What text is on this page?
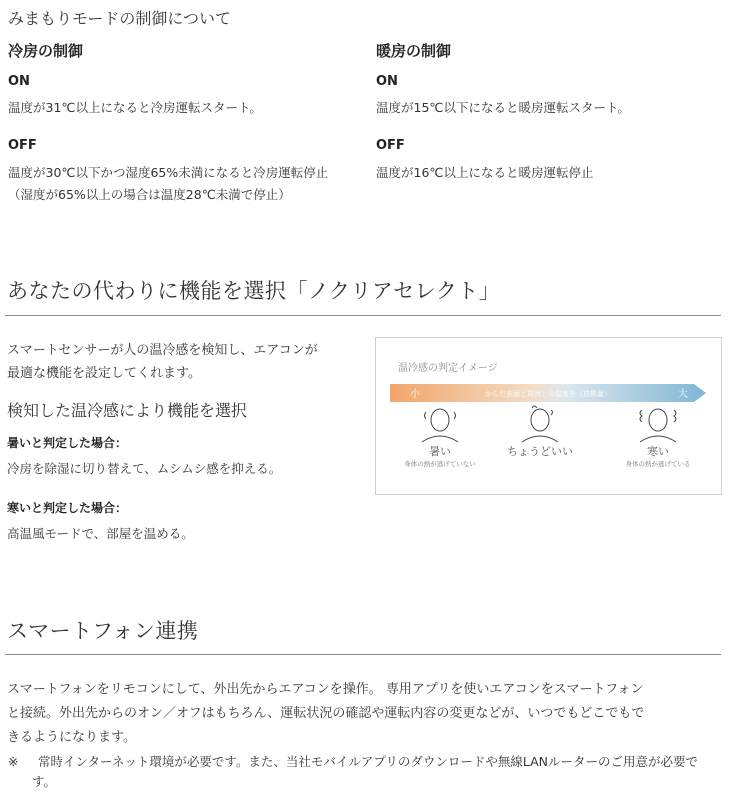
みまもりモードの制御について
冷房の制御
ON
温度が31℃以上になると冷房運転スタート。
OFF
温度が30℃以下かつ湿度65%未満になると冷房運転停止
（湿度が65%以上の場合は温度28℃未満で停止）
暖房の制御
ON
温度が15℃以下になると暖房運転スタート。
OFF
温度が16℃以上になると暖房運転停止
あなたの代わりに機能を選択「ノクリアセレクト」
スマートセンサーが人の温冷感を検知し、エアコンが
最適な機能を設定してくれます。
検知した温冷感により機能を選択
暑いと判定した場合：
冷房を除湿に切り替えて、ムシムシ感を抑える。
寒いと判定した場合：
高温風モードで、部屋を温める。
温冷感の判定イメージ
小	からだ表面と周囲との温度差（放熱量）	大
暑い
身体の熱が逃げていない
ちょうどいい	寒い
身体の熱が逃げている
スマートフォン連携
スマートフォンをリモコンにして、外出先からエアコンを操作。 専用アプリを使いエアコンをスマートフォン
と接続。外出先からのオン／オフはもちろん、運転状況の確認や運転内容の変更などが、いつでもどこでもで
きるようになります。
※	常時インターネット環境が必要です。また、当社モバイルアプリのダウンロードや無線LANルーターのご用意が必要です。
